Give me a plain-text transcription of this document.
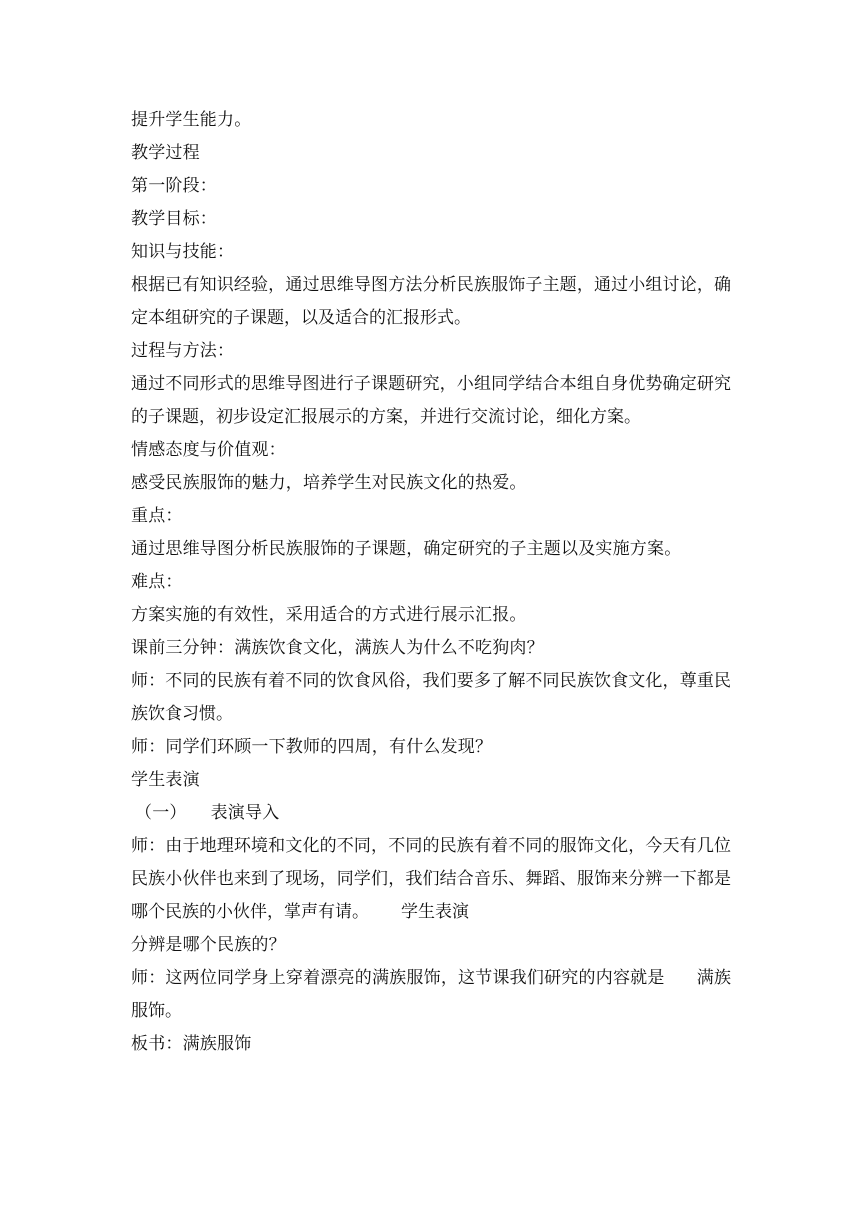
提升学生能力。
教学过程
第一阶段：
教学目标：
知识与技能：
根据已有知识经验，通过思维导图方法分析民族服饰子主题，通过小组讨论，确定本组研究的子课题，以及适合的汇报形式。
过程与方法：
通过不同形式的思维导图进行子课题研究，小组同学结合本组自身优势确定研究的子课题，初步设定汇报展示的方案，并进行交流讨论，细化方案。
情感态度与价值观：
感受民族服饰的魅力，培养学生对民族文化的热爱。
重点：
通过思维导图分析民族服饰的子课题，确定研究的子主题以及实施方案。
难点：
方案实施的有效性，采用适合的方式进行展示汇报。
课前三分钟：满族饮食文化，满族人为什么不吃狗肉？
师：不同的民族有着不同的饮食风俗，我们要多了解不同民族饮食文化，尊重民族饮食习惯。
师：同学们环顾一下教师的四周，有什么发现？
学生表演
（一） 表演导入
师：由于地理环境和文化的不同，不同的民族有着不同的服饰文化，今天有几位民族小伙伴也来到了现场，同学们，我们结合音乐、舞蹈、服饰来分辨一下都是哪个民族的小伙伴，掌声有请。 学生表演
分辨是哪个民族的？
师：这两位同学身上穿着漂亮的满族服饰，这节课我们研究的内容就是 满族服饰。
板书：满族服饰
